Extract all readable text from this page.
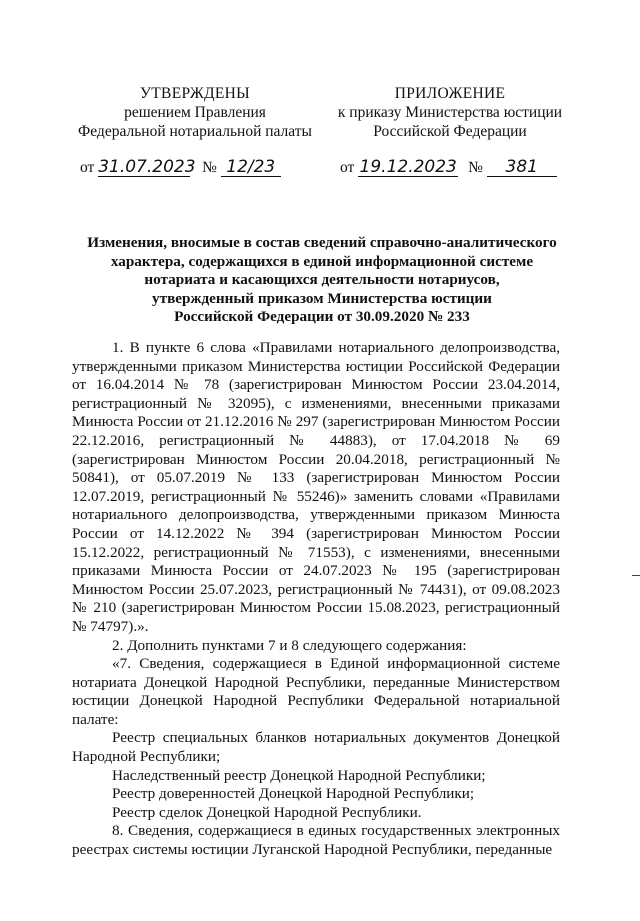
УТВЕРЖДЕНЫ
решением Правления
Федеральной нотариальной палаты
ПРИЛОЖЕНИЕ
к приказу Министерства юстиции
Российской Федерации
от 31.07.2023 № 12/23	от 19.12.2023 № 381
Изменения, вносимые в состав сведений справочно-аналитического
характера, содержащихся в единой информационной системе
нотариата и касающихся деятельности нотариусов,
утвержденный приказом Министерства юстиции
Российской Федерации от 30.09.2020 № 233

1. В пункте 6 слова «Правилами нотариального делопроизводства, утвержденными приказом Министерства юстиции Российской Федерации от 16.04.2014 № 78 (зарегистрирован Минюстом России 23.04.2014, регистрационный № 32095), с изменениями, внесенными приказами Минюста России от 21.12.2016 № 297 (зарегистрирован Минюстом России 22.12.2016, регистрационный № 44883), от 17.04.2018 № 69 (зарегистрирован Минюстом России 20.04.2018, регистрационный № 50841), от 05.07.2019 № 133 (зарегистрирован Минюстом России 12.07.2019, регистрационный № 55246)» заменить словами «Правилами нотариального делопроизводства, утвержденными приказом Минюста России от 14.12.2022 № 394 (зарегистрирован Минюстом России 15.12.2022, регистрационный № 71553), с изменениями, внесенными приказами Минюста России от 24.07.2023 № 195 (зарегистрирован Минюстом России 25.07.2023, регистрационный № 74431), от 09.08.2023 № 210 (зарегистрирован Минюстом России 15.08.2023, регистрационный № 74797).».

2. Дополнить пунктами 7 и 8 следующего содержания:

«7. Сведения, содержащиеся в Единой информационной системе нотариата Донецкой Народной Республики, переданные Министерством юстиции Донецкой Народной Республики Федеральной нотариальной палате:

Реестр специальных бланков нотариальных документов Донецкой Народной Республики;

Наследственный реестр Донецкой Народной Республики;

Реестр доверенностей Донецкой Народной Республики;

Реестр сделок Донецкой Народной Республики.

8. Сведения, содержащиеся в единых государственных электронных реестрах системы юстиции Луганской Народной Республики, переданные
